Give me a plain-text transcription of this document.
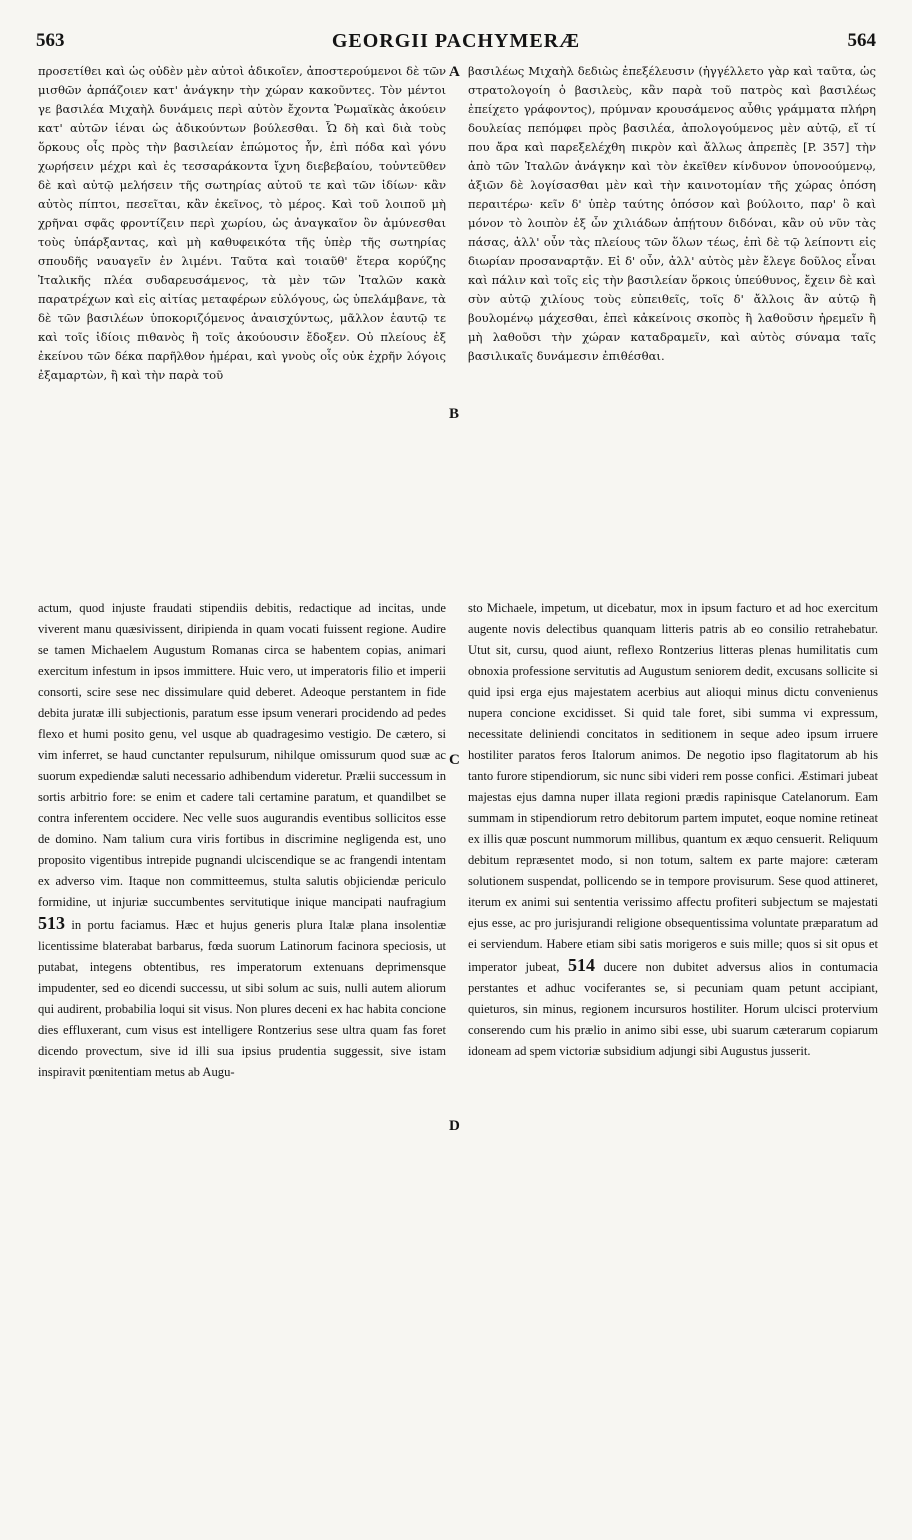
563	GEORGII PACHYMERÆ	564
A
B
C
D

προσετίθει καὶ ὡς οὐδὲν μὲν αὐτοὶ ἀδικοῖεν, ἀποστερούμενοι δὲ τῶν μισθῶν ἁρπάζοιεν κατ' ἀνάγκην τὴν χώραν κακοῦντες. Τὸν μέντοι γε βασιλέα Μιχαὴλ δυνάμεις περὶ αὐτὸν ἔχοντα Ῥωμαϊκὰς ἀκούειν κατ' αὐτῶν ἱέναι ὡς ἀδικούντων βούλεσθαι. Ὧ δὴ καὶ διὰ τοὺς ὅρκους οἷς πρὸς τὴν βασιλείαν ἐπώμοτος ἦν, ἐπὶ πόδα καὶ γόνυ χωρήσειν μέχρι καὶ ἐς τεσσαράκοντα ἴχνη διεβεβαίου, τοὐντεῦθεν δὲ καὶ αὐτῷ μελήσειν τῆς σωτηρίας αὐτοῦ τε καὶ τῶν ἰδίων· κἂν αὐτὸς πίπτοι, πεσεῖται, κἂν ἐκεῖνος, τὸ μέρος. Καὶ τοῦ λοιποῦ μὴ χρῆναι σφᾶς φροντίζειν περὶ χωρίου, ὡς ἀναγκαῖον ὂν ἀμύνεσθαι τοὺς ὑπάρξαντας, καὶ μὴ καθυφεικότα τῆς ὑπὲρ τῆς σωτηρίας σπουδῆς ναυαγεῖν ἐν λιμένι. Ταῦτα καὶ τοιαῦθ' ἕτερα κορύζης Ἰταλικῆς πλέα συδαρευσάμενος, τὰ μὲν τῶν Ἰταλῶν κακὰ παρατρέχων καὶ εἰς αἰτίας μεταφέρων εὐλόγους, ὡς ὑπελάμβανε, τὰ δὲ τῶν βασιλέων ὑποκοριζόμενος ἀναισχύντως, μᾶλλον ἑαυτῷ τε καὶ τοῖς ἰδίοις πιθανὸς ἢ τοῖς ἀκούουσιν ἔδοξεν. Οὐ πλείους ἐξ ἐκείνου τῶν δέκα παρῆλθον ἡμέραι, καὶ γνοὺς οἷς οὐκ ἐχρῆν λόγοις ἐξαμαρτὼν, ἢ καὶ τὴν παρὰ τοῦ

βασιλέως Μιχαὴλ δεδιὼς ἐπεξέλευσιν (ἠγγέλλετο γὰρ καὶ ταῦτα, ὡς στρατολογοίη ὁ βασιλεὺς, κἂν παρὰ τοῦ πατρὸς καὶ βασιλέως ἐπείχετο γράφοντος), πρύμναν κρουσάμενος αὖθις γράμματα πλήρη δουλείας πεπόμφει πρὸς βασιλέα, ἀπολογούμενος μὲν αὐτῷ, εἴ τί που ἄρα καὶ παρεξελέχθη πικρὸν καὶ ἄλλως ἀπρεπὲς [P. 357] τὴν ἀπὸ τῶν Ἰταλῶν ἀνάγκην καὶ τὸν ἐκεῖθεν κίνδυνον ὑπονοούμενῳ, ἀξιῶν δὲ λογίσασθαι μὲν καὶ τὴν καινοτομίαν τῆς χώρας ὁπόση περαιτέρω· κεῖν δ' ὑπὲρ ταύτης ὁπόσον καὶ βούλοιτο, παρ' ὃ καὶ μόνον τὸ λοιπὸν ἐξ ὧν χιλιάδων ἀπῄτουν διδόναι, κἂν οὐ νῦν τὰς πάσας, ἀλλ' οὖν τὰς πλείους τῶν ὅλων τέως, ἐπὶ δὲ τῷ λείποντι εἰς διωρίαν προσαναρτᾷν. Εἰ δ' οὖν, ἀλλ' αὐτὸς μὲν ἔλεγε δοῦλος εἶναι καὶ πάλιν καὶ τοῖς εἰς τὴν βασιλείαν ὅρκοις ὑπεύθυνος, ἔχειν δὲ καὶ σὺν αὐτῷ χιλίους τοὺς εὐπειθεῖς, τοῖς δ' ἄλλοις ἂν αὐτῷ ἢ βουλομένῳ μάχεσθαι, ἐπεὶ κἀκείνοις σκοπὸς ἢ λαθοῦσιν ἠρεμεῖν ἢ μὴ λαθοῦσι τὴν χώραν καταδραμεῖν, καὶ αὐτὸς σύναμα ταῖς βασιλικαῖς δυνάμεσιν ἐπιθέσθαι.

actum, quod injuste fraudati stipendiis debitis, redactique ad incitas, unde viverent manu quæsivissent, diripienda in quam vocati fuissent regione. Audire se tamen Michaelem Augustum Romanas circa se habentem copias, animari exercitum infestum in ipsos immittere. Huic vero, ut imperatoris filio et imperii consorti, scire sese nec dissimulare quid deberet. Adeoque perstantem in fide debita juratæ illi subjectionis, paratum esse ipsum venerari procidendo ad pedes flexo et humi posito genu, vel usque ab quadragesimo vestigio. De cætero, si vim inferret, se haud cunctanter repulsurum, nihilque omissurum quod suæ ac suorum expediendæ saluti necessario adhibendum videretur. Prælii successum in sortis arbitrio fore: se enim et cadere tali certamine paratum, et quandilbet se contra inferentem occidere. Nec velle suos augurandis eventibus sollicitos esse de domino. Nam talium cura viris fortibus in discrimine negligenda est, uno proposito vigentibus intrepide pugnandi ulciscendique se ac frangendi intentam ex adverso vim. Itaque non committeemus, stulta salutis objiciendæ periculo formidine, ut injuriæ succumbentes servitutique inique mancipati naufragium 513 in portu faciamus. Hæc et hujus generis plura Italæ plana insolentiæ licentissime blaterabat barbarus, fœda suorum Latinorum facinora speciosis, ut putabat, integens obtentibus, res imperatorum extenuans deprimensque impudenter, sed eo dicendi successu, ut sibi solum ac suis, nulli autem aliorum qui audirent, probabilia loqui sit visus. Non plures deceni ex hac habita concione dies effluxerant, cum visus est intelligere Rontzerius sese ultra quam fas foret dicendo provectum, sive id illi sua ipsius prudentia suggessit, sive istam inspiravit pœnitentiam metus ab Augu-

sto Michaele, impetum, ut dicebatur, mox in ipsum facturo et ad hoc exercitum augente novis delectibus quanquam litteris patris ab eo consilio retrahebatur. Utut sit, cursu, quod aiunt, reflexo Rontzerius litteras plenas humilitatis cum obnoxia professione servitutis ad Augustum seniorem dedit, excusans sollicite si quid ipsi erga ejus majestatem acerbius aut alioqui minus dictu convenienus nupera concione excidisset. Si quid tale foret, sibi summa vi expressum, necessitate deliniendi concitatos in seditionem in seque adeo ipsum irruere hostiliter paratos feros Italorum animos. De negotio ipso flagitatorum ab his tanto furore stipendiorum, sic nunc sibi videri rem posse confici. Æstimari jubeat majestas ejus damna nuper illata regioni prædis rapinisque Catelanorum. Eam summam in stipendiorum retro debitorum partem imputet, eoque nomine retineat ex illis quæ poscunt nummorum millibus, quantum ex æquo censuerit. Reliquum debitum repræsentet modo, si non totum, saltem ex parte majore: cæteram solutionem suspendat, pollicendo se in tempore provisurum. Sese quod attineret, iterum ex animi sui sententia verissimo affectu profiteri subjectum se majestati ejus esse, ac pro jurisjurandi religione obsequentissima voluntate præparatum ad ei serviendum. Habere etiam sibi satis morigeros e suis mille; quos si sit opus et imperator jubeat, 514 ducere non dubitet adversus alios in contumacia perstantes et adhuc vociferantes se, si pecuniam quam petunt accipiant, quieturos, sin minus, regionem incursuros hostiliter. Horum ulcisci protervium conserendo cum his prælio in animo sibi esse, ubi suarum cæterarum copiarum idoneam ad spem victoriæ subsidium adjungi sibi Augustus jusserit.
